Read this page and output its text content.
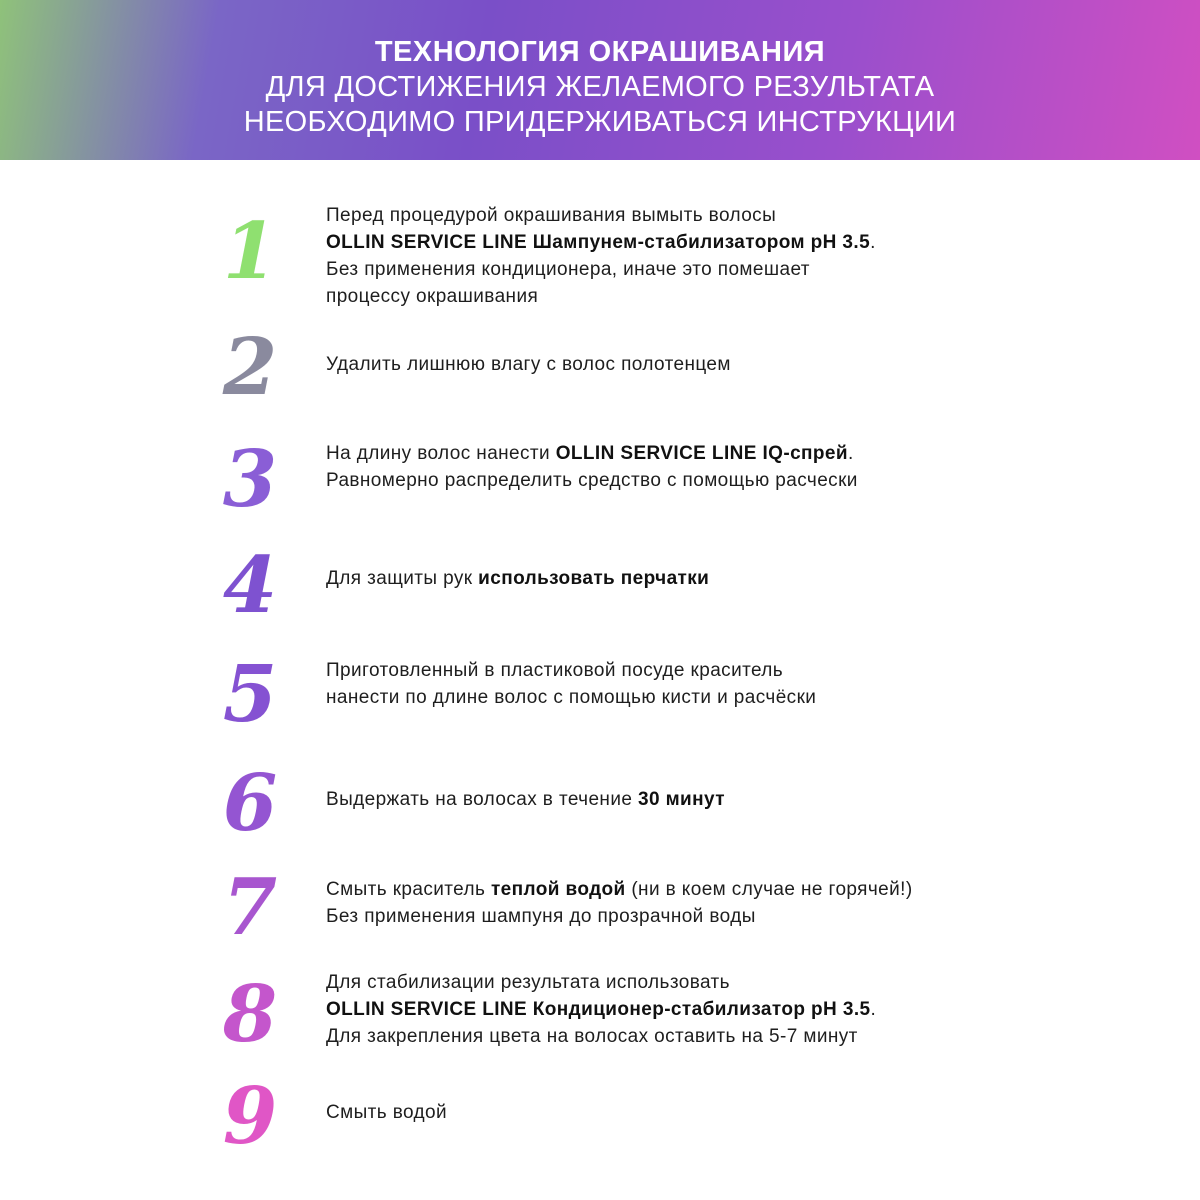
ТЕХНОЛОГИЯ ОКРАШИВАНИЯ
ДЛЯ ДОСТИЖЕНИЯ ЖЕЛАЕМОГО РЕЗУЛЬТАТА
НЕОБХОДИМО ПРИДЕРЖИВАТЬСЯ ИНСТРУКЦИИ
1	Перед процедурой окрашивания вымыть волосы
OLLIN SERVICE LINE Шампунем-стабилизатором pH 3.5.
Без применения кондиционера, иначе это помешает
процессу окрашивания
2	Удалить лишнюю влагу с волос полотенцем
3	На длину волос нанести OLLIN SERVICE LINE IQ-спрей.
Равномерно распределить средство с помощью расчески
4	Для защиты рук использовать перчатки
5	Приготовленный в пластиковой посуде краситель
нанести по длине волос с помощью кисти и расчёски
6	Выдержать на волосах в течение 30 минут
7	Смыть краситель теплой водой (ни в коем случае не горячей!)
Без применения шампуня до прозрачной воды
8	Для стабилизации результата использовать
OLLIN SERVICE LINE Кондиционер-стабилизатор pH 3.5.
Для закрепления цвета на волосах оставить на 5-7 минут
9	Смыть водой
